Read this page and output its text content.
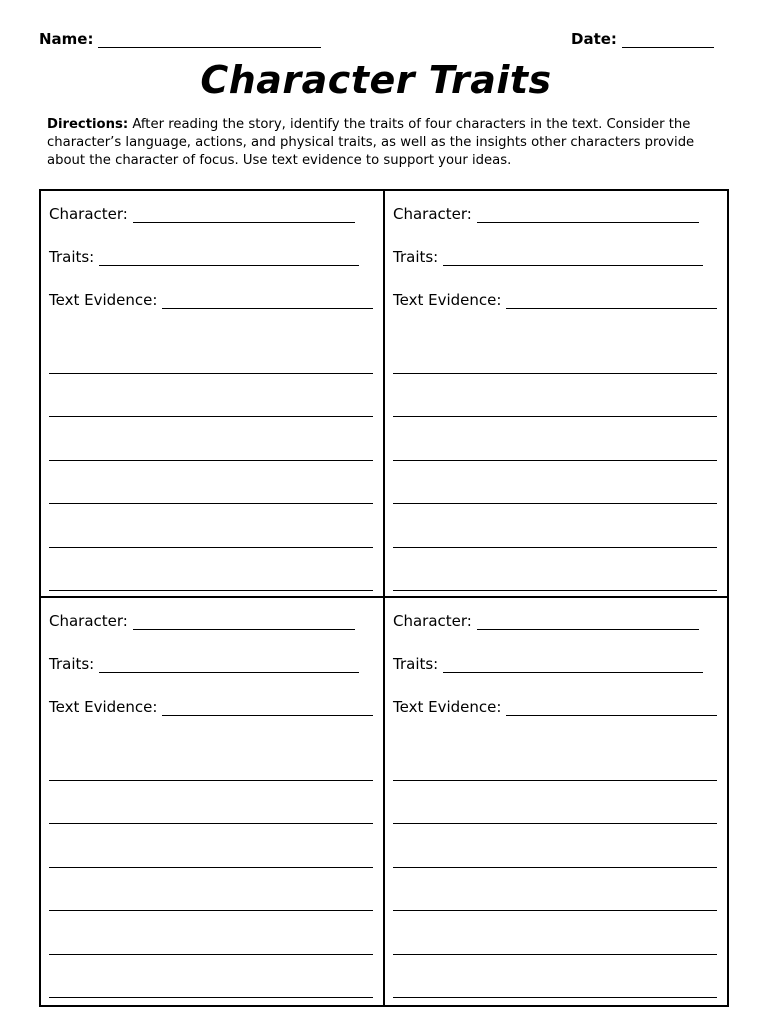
Name:	Date:
Character Traits
Directions: After reading the story, identify the traits of four characters in the text. Consider the character’s language, actions, and physical traits, as well as the insights other characters provide about the character of focus. Use text evidence to support your ideas.
Character:
Traits:
Text Evidence:
Character:
Traits:
Text Evidence:
Character:
Traits:
Text Evidence:
Character:
Traits:
Text Evidence:
